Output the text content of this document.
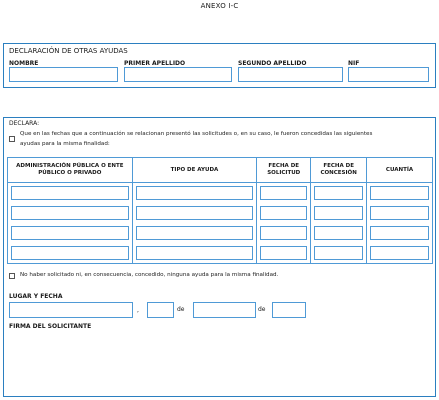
ANEXO I-C
DECLARACIÓN DE OTRAS AYUDAS
NOMBRE	PRIMER APELLIDO	SEGUNDO APELLIDO	NIF
DECLARA:
Que en las fechas que a continuación se relacionan presentó las solicitudes o, en su caso, le fueron concedidas las siguientes
ayudas para la misma finalidad:
ADMINISTRACIÓN PÚBLICA O ENTE PÚBLICO O PRIVADO	TIPO DE AYUDA	FECHA DE SOLICITUD	FECHA DE CONCESIÓN	CUANTÍA

No haber solicitado ni, en consecuencia, concedido, ninguna ayuda para la misma finalidad.
LUGAR Y FECHA
,	de	de
FIRMA DEL SOLICITANTE
